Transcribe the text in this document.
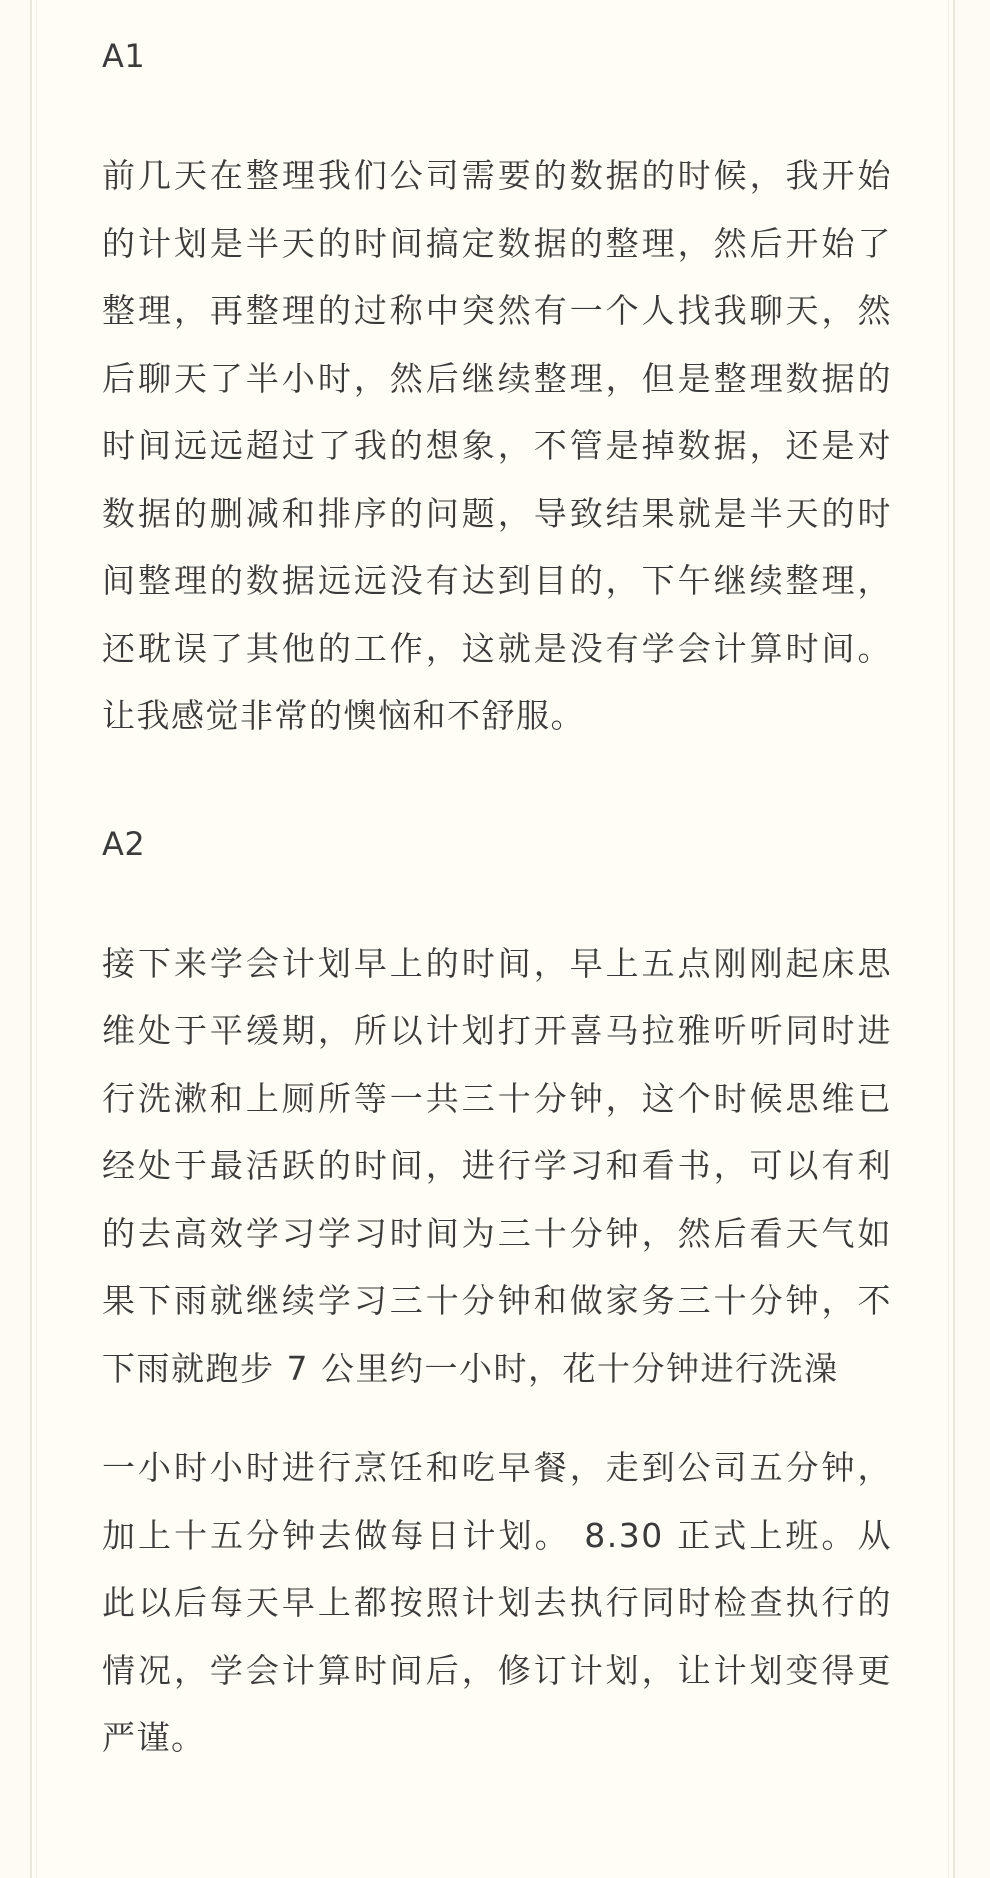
A1

前几天在整理我们公司需要的数据的时候，我开始的计划是半天的时间搞定数据的整理，然后开始了整理，再整理的过称中突然有一个人找我聊天，然后聊天了半小时，然后继续整理，但是整理数据的时间远远超过了我的想象，不管是掉数据，还是对数据的删减和排序的问题，导致结果就是半天的时间整理的数据远远没有达到目的，下午继续整理，还耽误了其他的工作，这就是没有学会计算时间。让我感觉非常的懊恼和不舒服。

A2

接下来学会计划早上的时间，早上五点刚刚起床思维处于平缓期，所以计划打开喜马拉雅听听同时进行洗漱和上厕所等一共三十分钟，这个时候思维已经处于最活跃的时间，进行学习和看书，可以有利的去高效学习学习时间为三十分钟，然后看天气如果下雨就继续学习三十分钟和做家务三十分钟，不下雨就跑步 7 公里约一小时，花十分钟进行洗澡

一小时小时进行烹饪和吃早餐，走到公司五分钟，加上十五分钟去做每日计划。 8.30 正式上班。从此以后每天早上都按照计划去执行同时检查执行的情况，学会计算时间后，修订计划，让计划变得更严谨。
